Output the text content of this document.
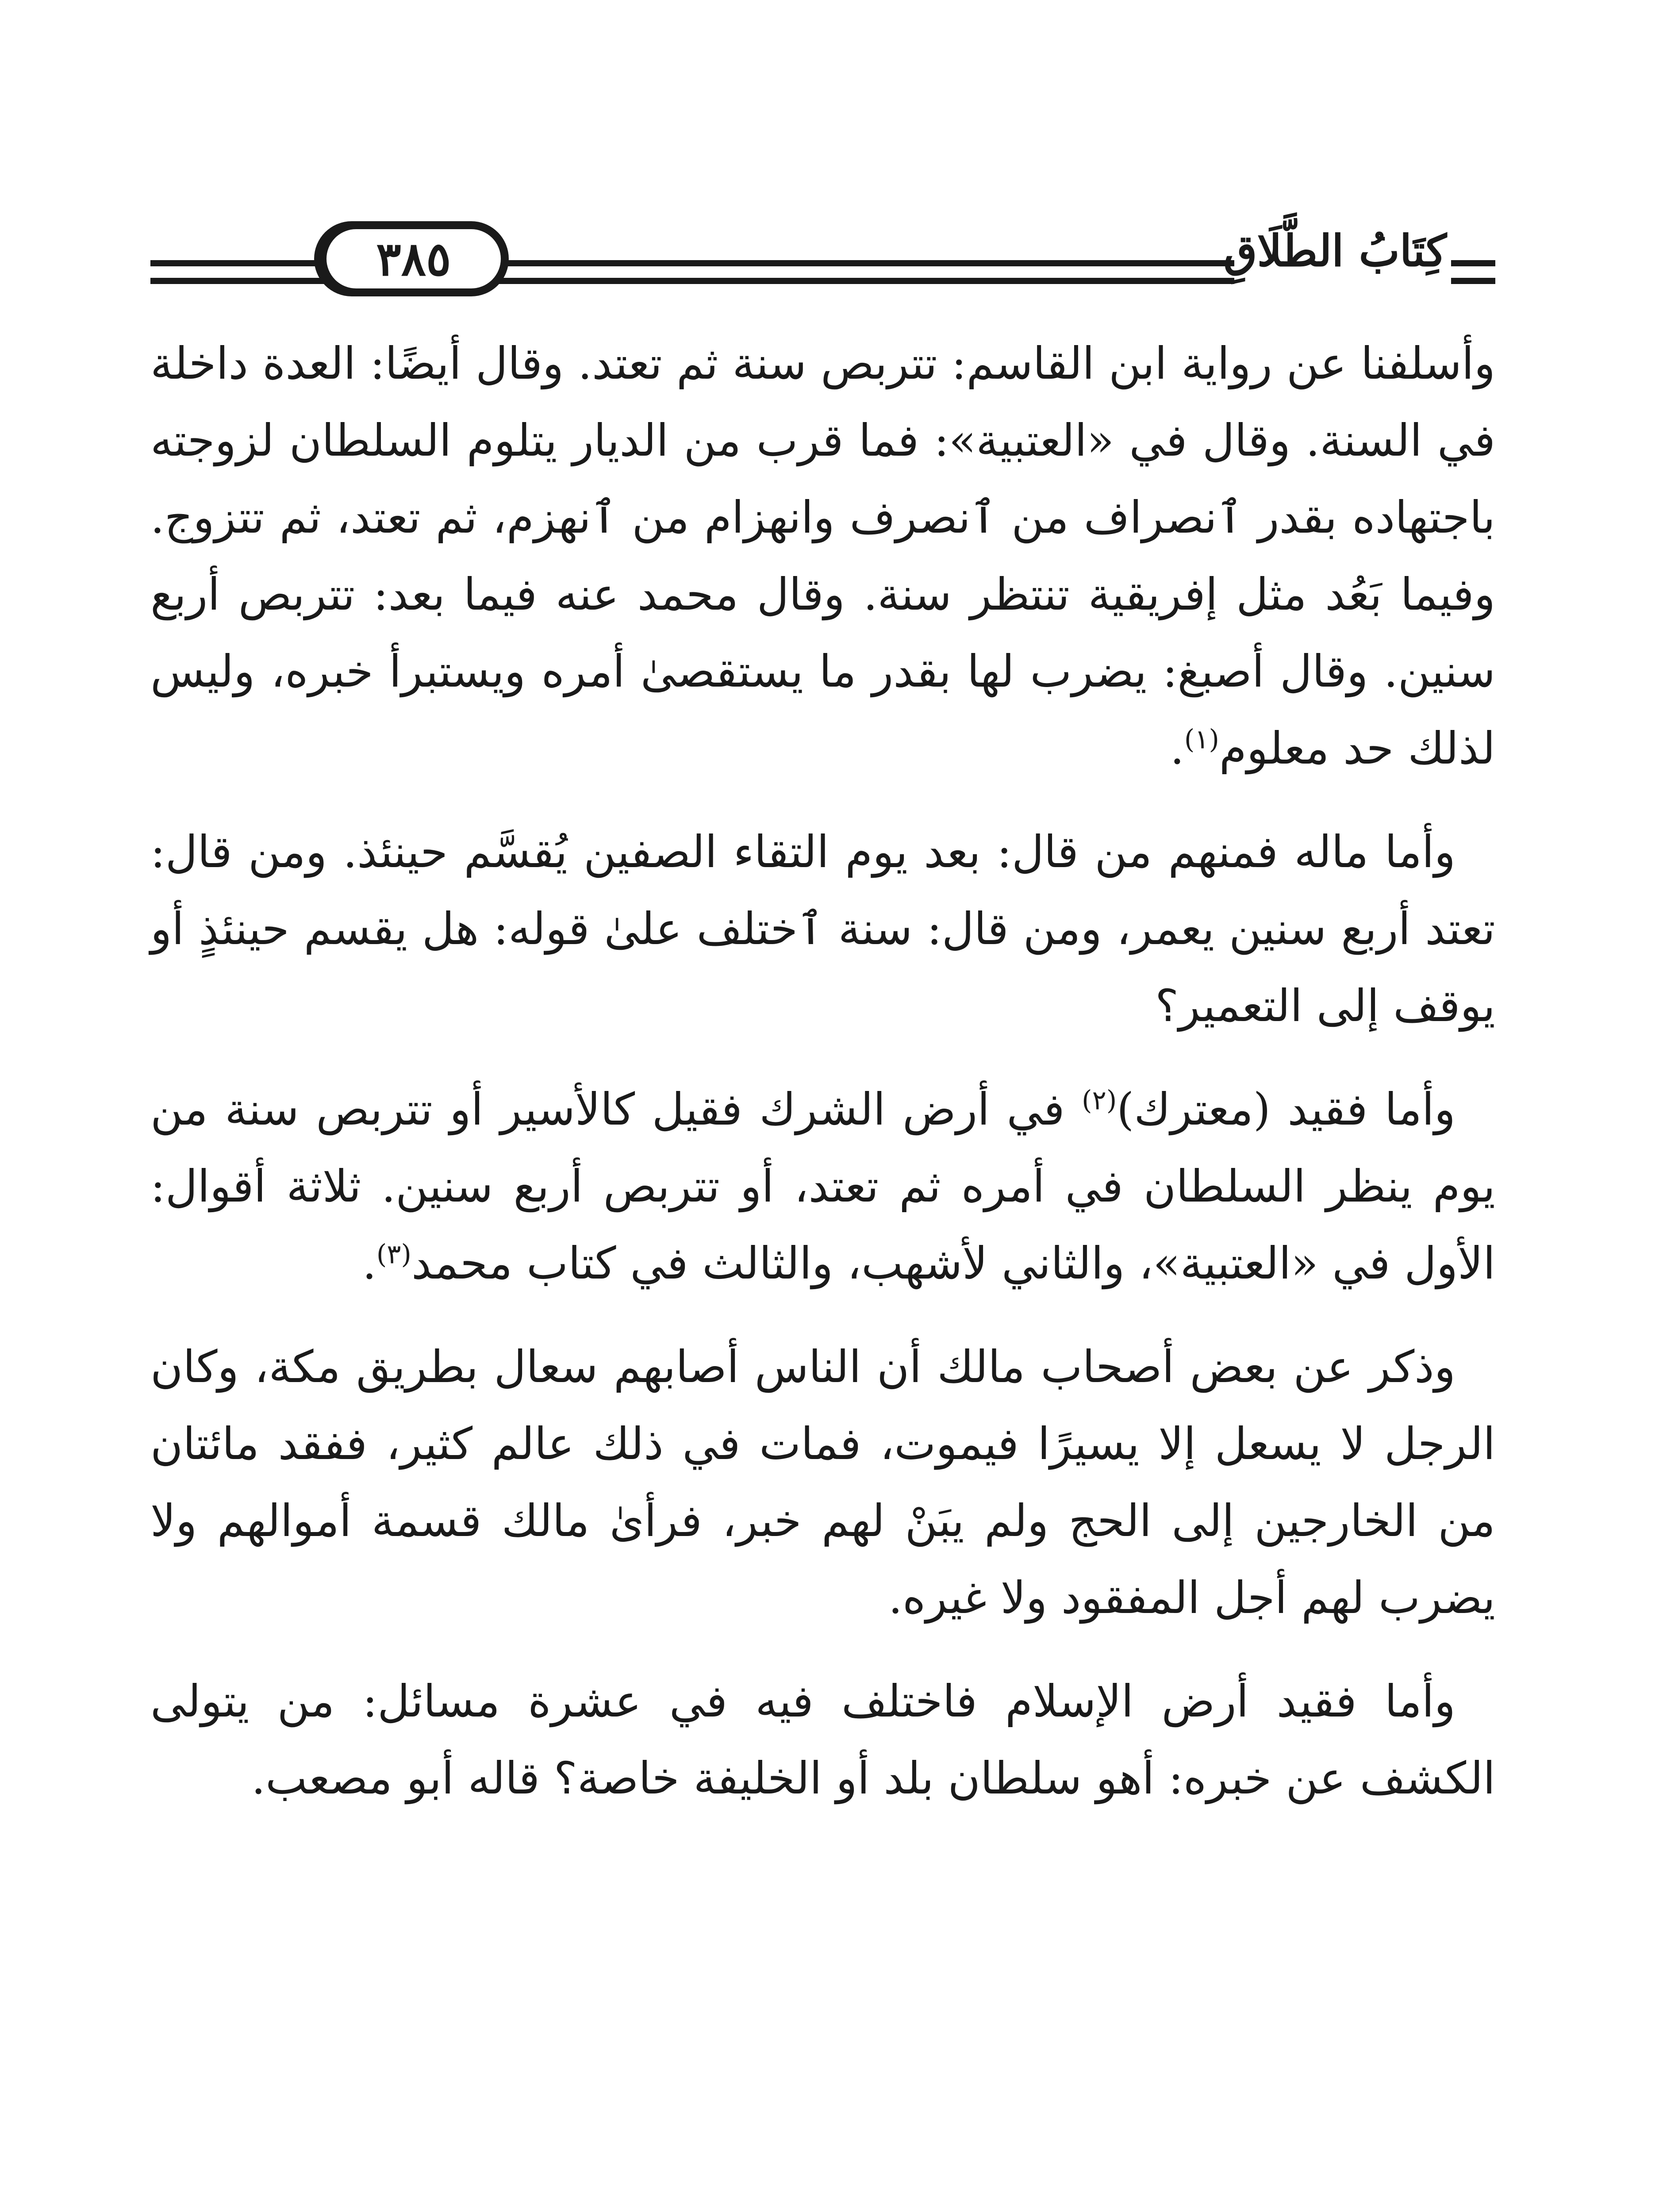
٣٨٥	كِتَابُ الطَّلَاقِ

وأسلفنا عن رواية ابن القاسم: تتربص سنة ثم تعتد. وقال أيضًا: العدة داخلة في السنة. وقال في «العتبية»: فما قرب من الديار يتلوم السلطان لزوجته باجتهاده بقدر ٱنصراف من ٱنصرف وانهزام من ٱنهزم، ثم تعتد، ثم تتزوج. وفيما بَعُد مثل إفريقية تنتظر سنة. وقال محمد عنه فيما بعد: تتربص أربع سنين. وقال أصبغ: يضرب لها بقدر ما يستقصىٰ أمره ويستبرأ خبره، وليس لذلك حد معلوم$^{(١)}$.

وأما ماله فمنهم من قال: بعد يوم التقاء الصفين يُقسَّم حينئذ. ومن قال: تعتد أربع سنين يعمر، ومن قال: سنة ٱختلف علىٰ قوله: هل يقسم حينئذٍ أو يوقف إلى التعمير؟

وأما فقيد (معترك)$^{(٢)}$ في أرض الشرك فقيل كالأسير أو تتربص سنة من يوم ينظر السلطان في أمره ثم تعتد، أو تتربص أربع سنين. ثلاثة أقوال: الأول في «العتبية»، والثاني لأشهب، والثالث في كتاب محمد$^{(٣)}$.

وذكر عن بعض أصحاب مالك أن الناس أصابهم سعال بطريق مكة، وكان الرجل لا يسعل إلا يسيرًا فيموت، فمات في ذلك عالم كثير، ففقد مائتان من الخارجين إلى الحج ولم يبَنْ لهم خبر، فرأىٰ مالك قسمة أموالهم ولا يضرب لهم أجل المفقود ولا غيره.

وأما فقيد أرض الإسلام فاختلف فيه في عشرة مسائل: من يتولى الكشف عن خبره: أهو سلطان بلد أو الخليفة خاصة؟ قاله أبو مصعب.
